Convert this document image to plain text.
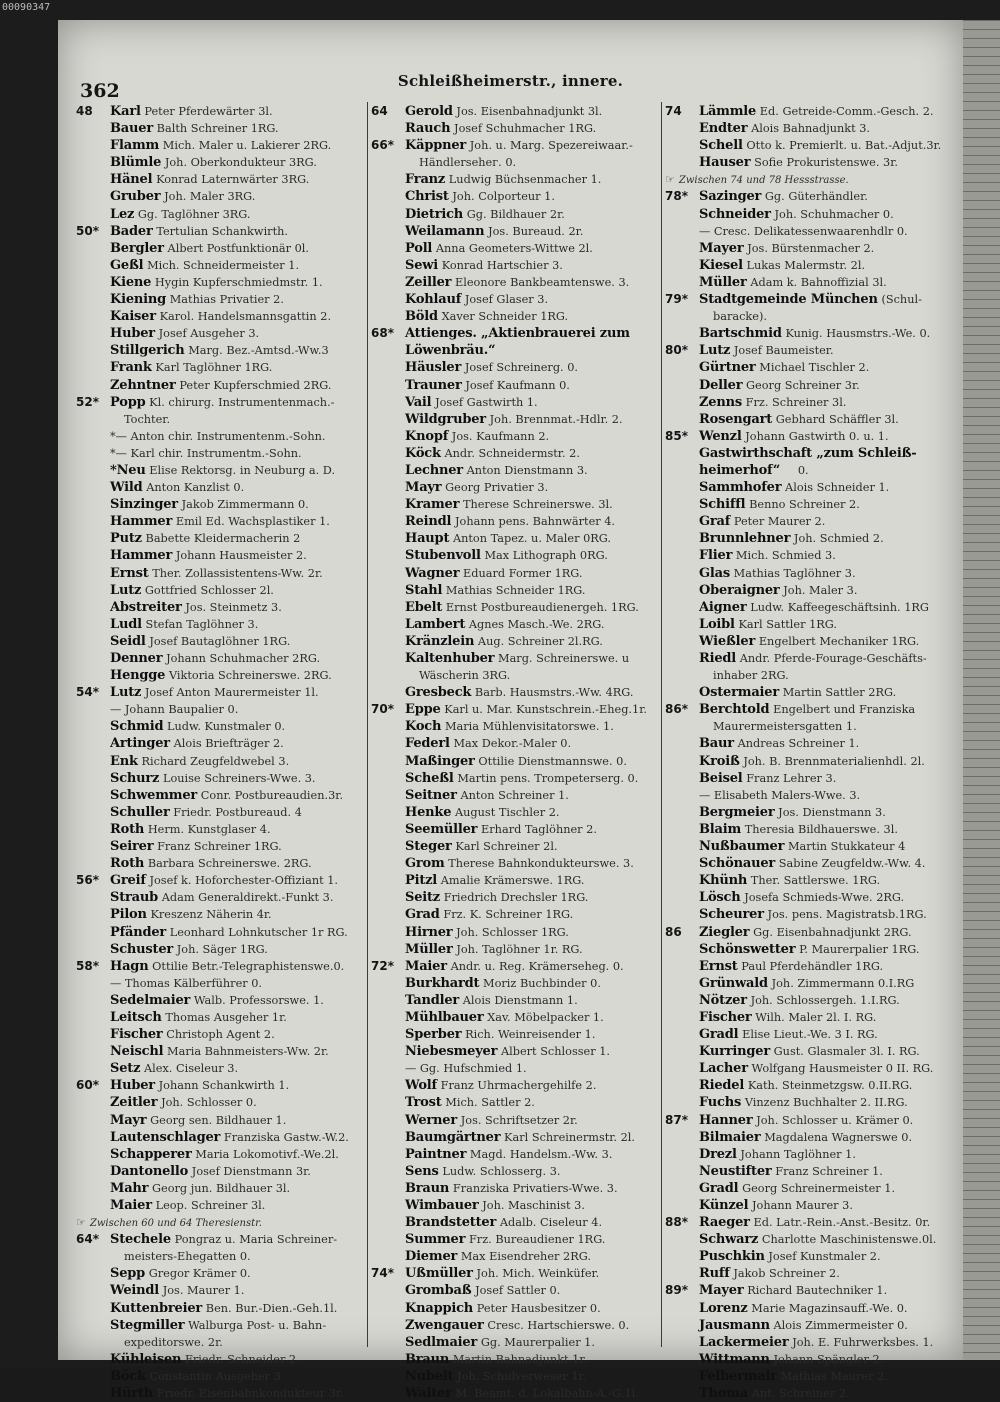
00090347
362	Schleißheimerstr., innere.
48 Karl Peter Pferdewärter 3l.
Bauer Balth Schreiner 1RG.
Flamm Mich. Maler u. Lakierer 2RG.
Blümle Joh. Oberkondukteur 3RG.
Hänel Konrad Laternwärter 3RG.
Gruber Joh. Maler 3RG.
Lez Gg. Taglöhner 3RG.
50* Bader Tertulian Schankwirth.
Bergler Albert Postfunktionär 0l.
Geßl Mich. Schneidermeister 1.
Kiene Hygin Kupferschmiedmstr. 1.
Kiening Mathias Privatier 2.
Kaiser Karol. Handelsmannsgattin 2.
Huber Josef Ausgeher 3.
Stillgerich Marg. Bez.-Amtsd.-Ww.3
Frank Karl Taglöhner 1RG.
Zehntner Peter Kupferschmied 2RG.
52* Popp Kl. chirurg. Instrumentenmach.-
Tochter.
*— Anton chir. Instrumentenm.-Sohn.
*— Karl chir. Instrumentm.-Sohn.
*Neu Elise Rektorsg. in Neuburg a. D.
Wild Anton Kanzlist 0.
Sinzinger Jakob Zimmermann 0.
Hammer Emil Ed. Wachsplastiker 1.
Putz Babette Kleidermacherin 2
Hammer Johann Hausmeister 2.
Ernst Ther. Zollassistentens-Ww. 2r.
Lutz Gottfried Schlosser 2l.
Abstreiter Jos. Steinmetz 3.
Ludl Stefan Taglöhner 3.
Seidl Josef Bautaglöhner 1RG.
Denner Johann Schuhmacher 2RG.
Hengge Viktoria Schreinerswe. 2RG.
54* Lutz Josef Anton Maurermeister 1l.
— Johann Baupalier 0.
Schmid Ludw. Kunstmaler 0.
Artinger Alois Briefträger 2.
Enk Richard Zeugfeldwebel 3.
Schurz Louise Schreiners-Wwe. 3.
Schwemmer Conr. Postbureaudien.3r.
Schuller Friedr. Postbureaud. 4
Roth Herm. Kunstglaser 4.
Seirer Franz Schreiner 1RG.
Roth Barbara Schreinerswe. 2RG.
56* Greif Josef k. Hoforchester-Offiziant 1.
Straub Adam Generaldirekt.-Funkt 3.
Pilon Kreszenz Näherin 4r.
Pfänder Leonhard Lohnkutscher 1r RG.
Schuster Joh. Säger 1RG.
58* Hagn Ottilie Betr.-Telegraphistenswe.0.
— Thomas Kälberführer 0.
Sedelmaier Walb. Professorswe. 1.
Leitsch Thomas Ausgeher 1r.
Fischer Christoph Agent 2.
Neischl Maria Bahnmeisters-Ww. 2r.
Setz Alex. Ciseleur 3.
60* Huber Johann Schankwirth 1.
Zeitler Joh. Schlosser 0.
Mayr Georg sen. Bildhauer 1.
Lautenschlager Franziska Gastw.-W.2.
Schapperer Maria Lokomotivf.-We.2l.
Dantonello Josef Dienstmann 3r.
Mahr Georg jun. Bildhauer 3l.
Maier Leop. Schreiner 3l.
☞ Zwischen 60 und 64 Theresienstr.
64* Stechele Pongraz u. Maria Schreiner-
meisters-Ehegatten 0.
Sepp Gregor Krämer 0.
Weindl Jos. Maurer 1.
Kuttenbreier Ben. Bur.-Dien.-Geh.1l.
Stegmiller Walburga Post- u. Bahn-
expeditorswe. 2r.
Kühleisen Friedr. Schneider 2.
Böck Constantin Ausgeher 3.
Hürth Friedr. Eisenbahnkondukteur 3r.
64 Gerold Jos. Eisenbahnadjunkt 3l.
Rauch Josef Schuhmacher 1RG.
66* Käppner Joh. u. Marg. Spezereiwaar.-
Händlersehег. 0.
Franz Ludwig Büchsenmacher 1.
Christ Joh. Colporteur 1.
Dietrich Gg. Bildhauer 2r.
Weilamann Jos. Bureaud. 2r.
Poll Anna Geometers-Wittwe 2l.
Sewi Konrad Hartschier 3.
Zeiller Eleonore Bankbeamtenswe. 3.
Kohlauf Josef Glaser 3.
Böld Xaver Schneider 1RG.
68* Attienges. „Aktienbrauerei zum
Löwenbräu.“
Häusler Josef Schreinerg. 0.
Trauner Josef Kaufmann 0.
Vail Josef Gastwirth 1.
Wildgruber Joh. Brennmat.-Hdlr. 2.
Knopf Jos. Kaufmann 2.
Köck Andr. Schneidermstr. 2.
Lechner Anton Dienstmann 3.
Mayr Georg Privatier 3.
Kramer Therese Schreinerswe. 3l.
Reindl Johann pens. Bahnwärter 4.
Haupt Anton Tapez. u. Maler 0RG.
Stubenvoll Max Lithograph 0RG.
Wagner Eduard Former 1RG.
Stahl Mathias Schneider 1RG.
Ebelt Ernst Postbureaudienergeh. 1RG.
Lambert Agnes Masch.-We. 2RG.
Kränzlein Aug. Schreiner 2l.RG.
Kaltenhuber Marg. Schreinerswe. u
Wäscherin 3RG.
Gresbeck Barb. Hausmstrs.-Ww. 4RG.
70* Eppe Karl u. Mar. Kunstschrein.-Eheg.1r.
Koch Maria Mühlenvisitatorswe. 1.
Federl Max Dekor.-Maler 0.
Maßinger Ottilie Dienstmannswe. 0.
Scheßl Martin pens. Trompeterserg. 0.
Seitner Anton Schreiner 1.
Henke August Tischler 2.
Seemüller Erhard Taglöhner 2.
Steger Karl Schreiner 2l.
Grom Therese Bahnkondukteurswe. 3.
Pitzl Amalie Krämerswe. 1RG.
Seitz Friedrich Drechsler 1RG.
Grad Frz. K. Schreiner 1RG.
Hirner Joh. Schlosser 1RG.
Müller Joh. Taglöhner 1r. RG.
72* Maier Andr. u. Reg. Krämerseheg. 0.
Burkhardt Moriz Buchbinder 0.
Tandler Alois Dienstmann 1.
Mühlbauer Xav. Möbelpacker 1.
Sperber Rich. Weinreisender 1.
Niebesmeyer Albert Schlosser 1.
— Gg. Hufschmied 1.
Wolf Franz Uhrmachergehilfe 2.
Trost Mich. Sattler 2.
Werner Jos. Schriftsetzer 2r.
Baumgärtner Karl Schreinermstr. 2l.
Paintner Magd. Handelsm.-Ww. 3.
Sens Ludw. Schlosserg. 3.
Braun Franziska Privatiers-Wwe. 3.
Wimbauer Joh. Maschinist 3.
Brandstetter Adalb. Ciseleur 4.
Summer Frz. Bureaudiener 1RG.
Diemer Max Eisendreher 2RG.
74* Ußmüller Joh. Mich. Weinküfer.
Grombaß Josef Sattler 0.
Knappich Peter Hausbesitzer 0.
Zwengauer Cresc. Hartschierswe. 0.
Sedlmaier Gg. Maurerpalier 1.
Braun Martin Bahnadjunkt 1r.
Nubelt Joh. Schulverweser 1r.
Walter M. Beamt. d. Lokalbahn-A.-G.1l.
74 Lämmle Ed. Getreide-Comm.-Gesch. 2.
Endter Alois Bahnadjunkt 3.
Schell Otto k. Premierlt. u. Bat.-Adjut.3r.
Hauser Sofie Prokuristenswe. 3r.
☞ Zwischen 74 und 78 Hessstrasse.
78* Sazinger Gg. Güterhändler.
Schneider Joh. Schuhmacher 0.
— Cresc. Delikatessenwaarenhdlr 0.
Mayer Jos. Bürstenmacher 2.
Kiesel Lukas Malermstr. 2l.
Müller Adam k. Bahnoffizial 3l.
79* Stadtgemeinde München (Schul-
baracke).
Bartschmid Kunig. Hausmstrs.-We. 0.
80* Lutz Josef Baumeister.
Gürtner Michael Tischler 2.
Deller Georg Schreiner 3r.
Zenns Frz. Schreiner 3l.
Rosengart Gebhard Schäffler 3l.
85* Wenzl Johann Gastwirth 0. u. 1.
Gastwirthschaft „zum Schleiß-
heimerhof“ 0.
Sammhofer Alois Schneider 1.
Schiffl Benno Schreiner 2.
Graf Peter Maurer 2.
Brunnlehner Joh. Schmied 2.
Flier Mich. Schmied 3.
Glas Mathias Taglöhner 3.
Oberaigner Joh. Maler 3.
Aigner Ludw. Kaffeegeschäftsinh. 1RG
Loibl Karl Sattler 1RG.
Wießler Engelbert Mechaniker 1RG.
Riedl Andr. Pferde-Fourage-Geschäfts-
inhaber 2RG.
Ostermaier Martin Sattler 2RG.
86* Berchtold Engelbert und Franziska
Maurermeistersgatten 1.
Baur Andreas Schreiner 1.
Kroiß Joh. B. Brennmaterialienhdl. 2l.
Beisel Franz Lehrer 3.
— Elisabeth Malers-Wwe. 3.
Bergmeier Jos. Dienstmann 3.
Blaim Theresia Bildhauerswe. 3l.
Nußbaumer Martin Stukkateur 4
Schönauer Sabine Zeugfeldw.-Ww. 4.
Khünh Ther. Sattlerswe. 1RG.
Lösch Josefa Schmieds-Wwe. 2RG.
Scheurer Jos. pens. Magistratsb.1RG.
86 Ziegler Gg. Eisenbahnadjunkt 2RG.
Schönswetter P. Maurerpalier 1RG.
Ernst Paul Pferdehändler 1RG.
Grünwald Joh. Zimmermann 0.I.RG
Nötzer Joh. Schlossergeh. 1.I.RG.
Fischer Wilh. Maler 2l. I. RG.
Gradl Elise Lieut.-We. 3 I. RG.
Kurringer Gust. Glasmaler 3l. I. RG.
Lacher Wolfgang Hausmeister 0 II. RG.
Riedel Kath. Steinmetzgsw. 0.II.RG.
Fuchs Vinzenz Buchhalter 2. II.RG.
87* Hanner Joh. Schlosser u. Krämer 0.
Bilmaier Magdalena Wagnerswe 0.
Drezl Johann Taglöhner 1.
Neustifter Franz Schreiner 1.
Gradl Georg Schreinermeister 1.
Künzel Johann Maurer 3.
88* Raeger Ed. Latr.-Rein.-Anst.-Besitz. 0r.
Schwarz Charlotte Maschinistenswe.0l.
Puschkin Josef Kunstmaler 2.
Ruff Jakob Schreiner 2.
89* Mayer Richard Bautechniker 1.
Lorenz Marie Magazinsauff.-We. 0.
Jausmann Alois Zimmermeister 0.
Lackermeier Joh. E. Fuhrwerksbes. 1.
Wittmann Johann Spängler 2.
Felbermair Mathias Maurer 2.
Thoma Ant. Schreiner 2.
